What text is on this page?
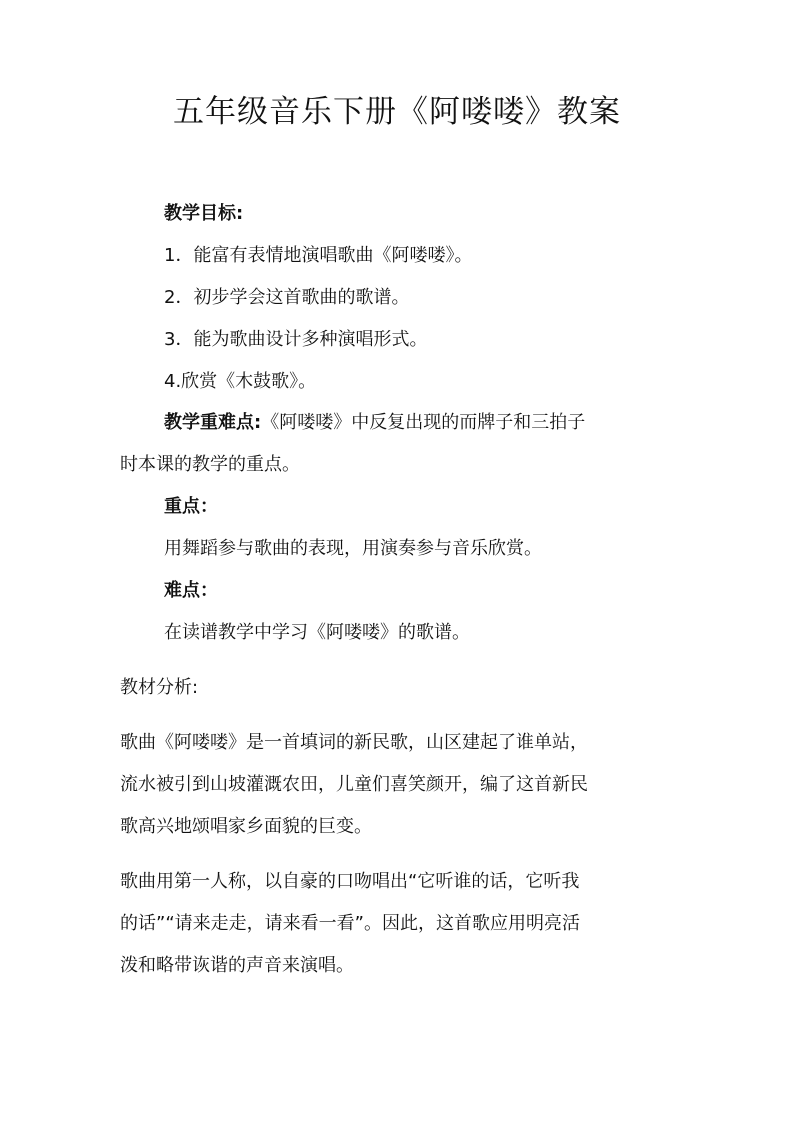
五年级音乐下册《阿喽喽》教案
教学目标:
1．能富有表情地演唱歌曲《阿喽喽》。
2．初步学会这首歌曲的歌谱。
3．能为歌曲设计多种演唱形式。
4.欣赏《木鼓歌》。
教学重难点:《阿喽喽》中反复出现的而牌子和三拍子
时本课的教学的重点。
重点：
用舞蹈参与歌曲的表现，用演奏参与音乐欣赏。
难点：
在读谱教学中学习《阿喽喽》的歌谱。
教材分析:
歌曲《阿喽喽》是一首填词的新民歌，山区建起了谁单站，
流水被引到山坡灌溉农田，儿童们喜笑颜开，编了这首新民
歌高兴地颂唱家乡面貌的巨变。
歌曲用第一人称，以自豪的口吻唱出“它听谁的话，它听我
的话”“请来走走，请来看一看”。因此，这首歌应用明亮活
泼和略带诙谐的声音来演唱。
